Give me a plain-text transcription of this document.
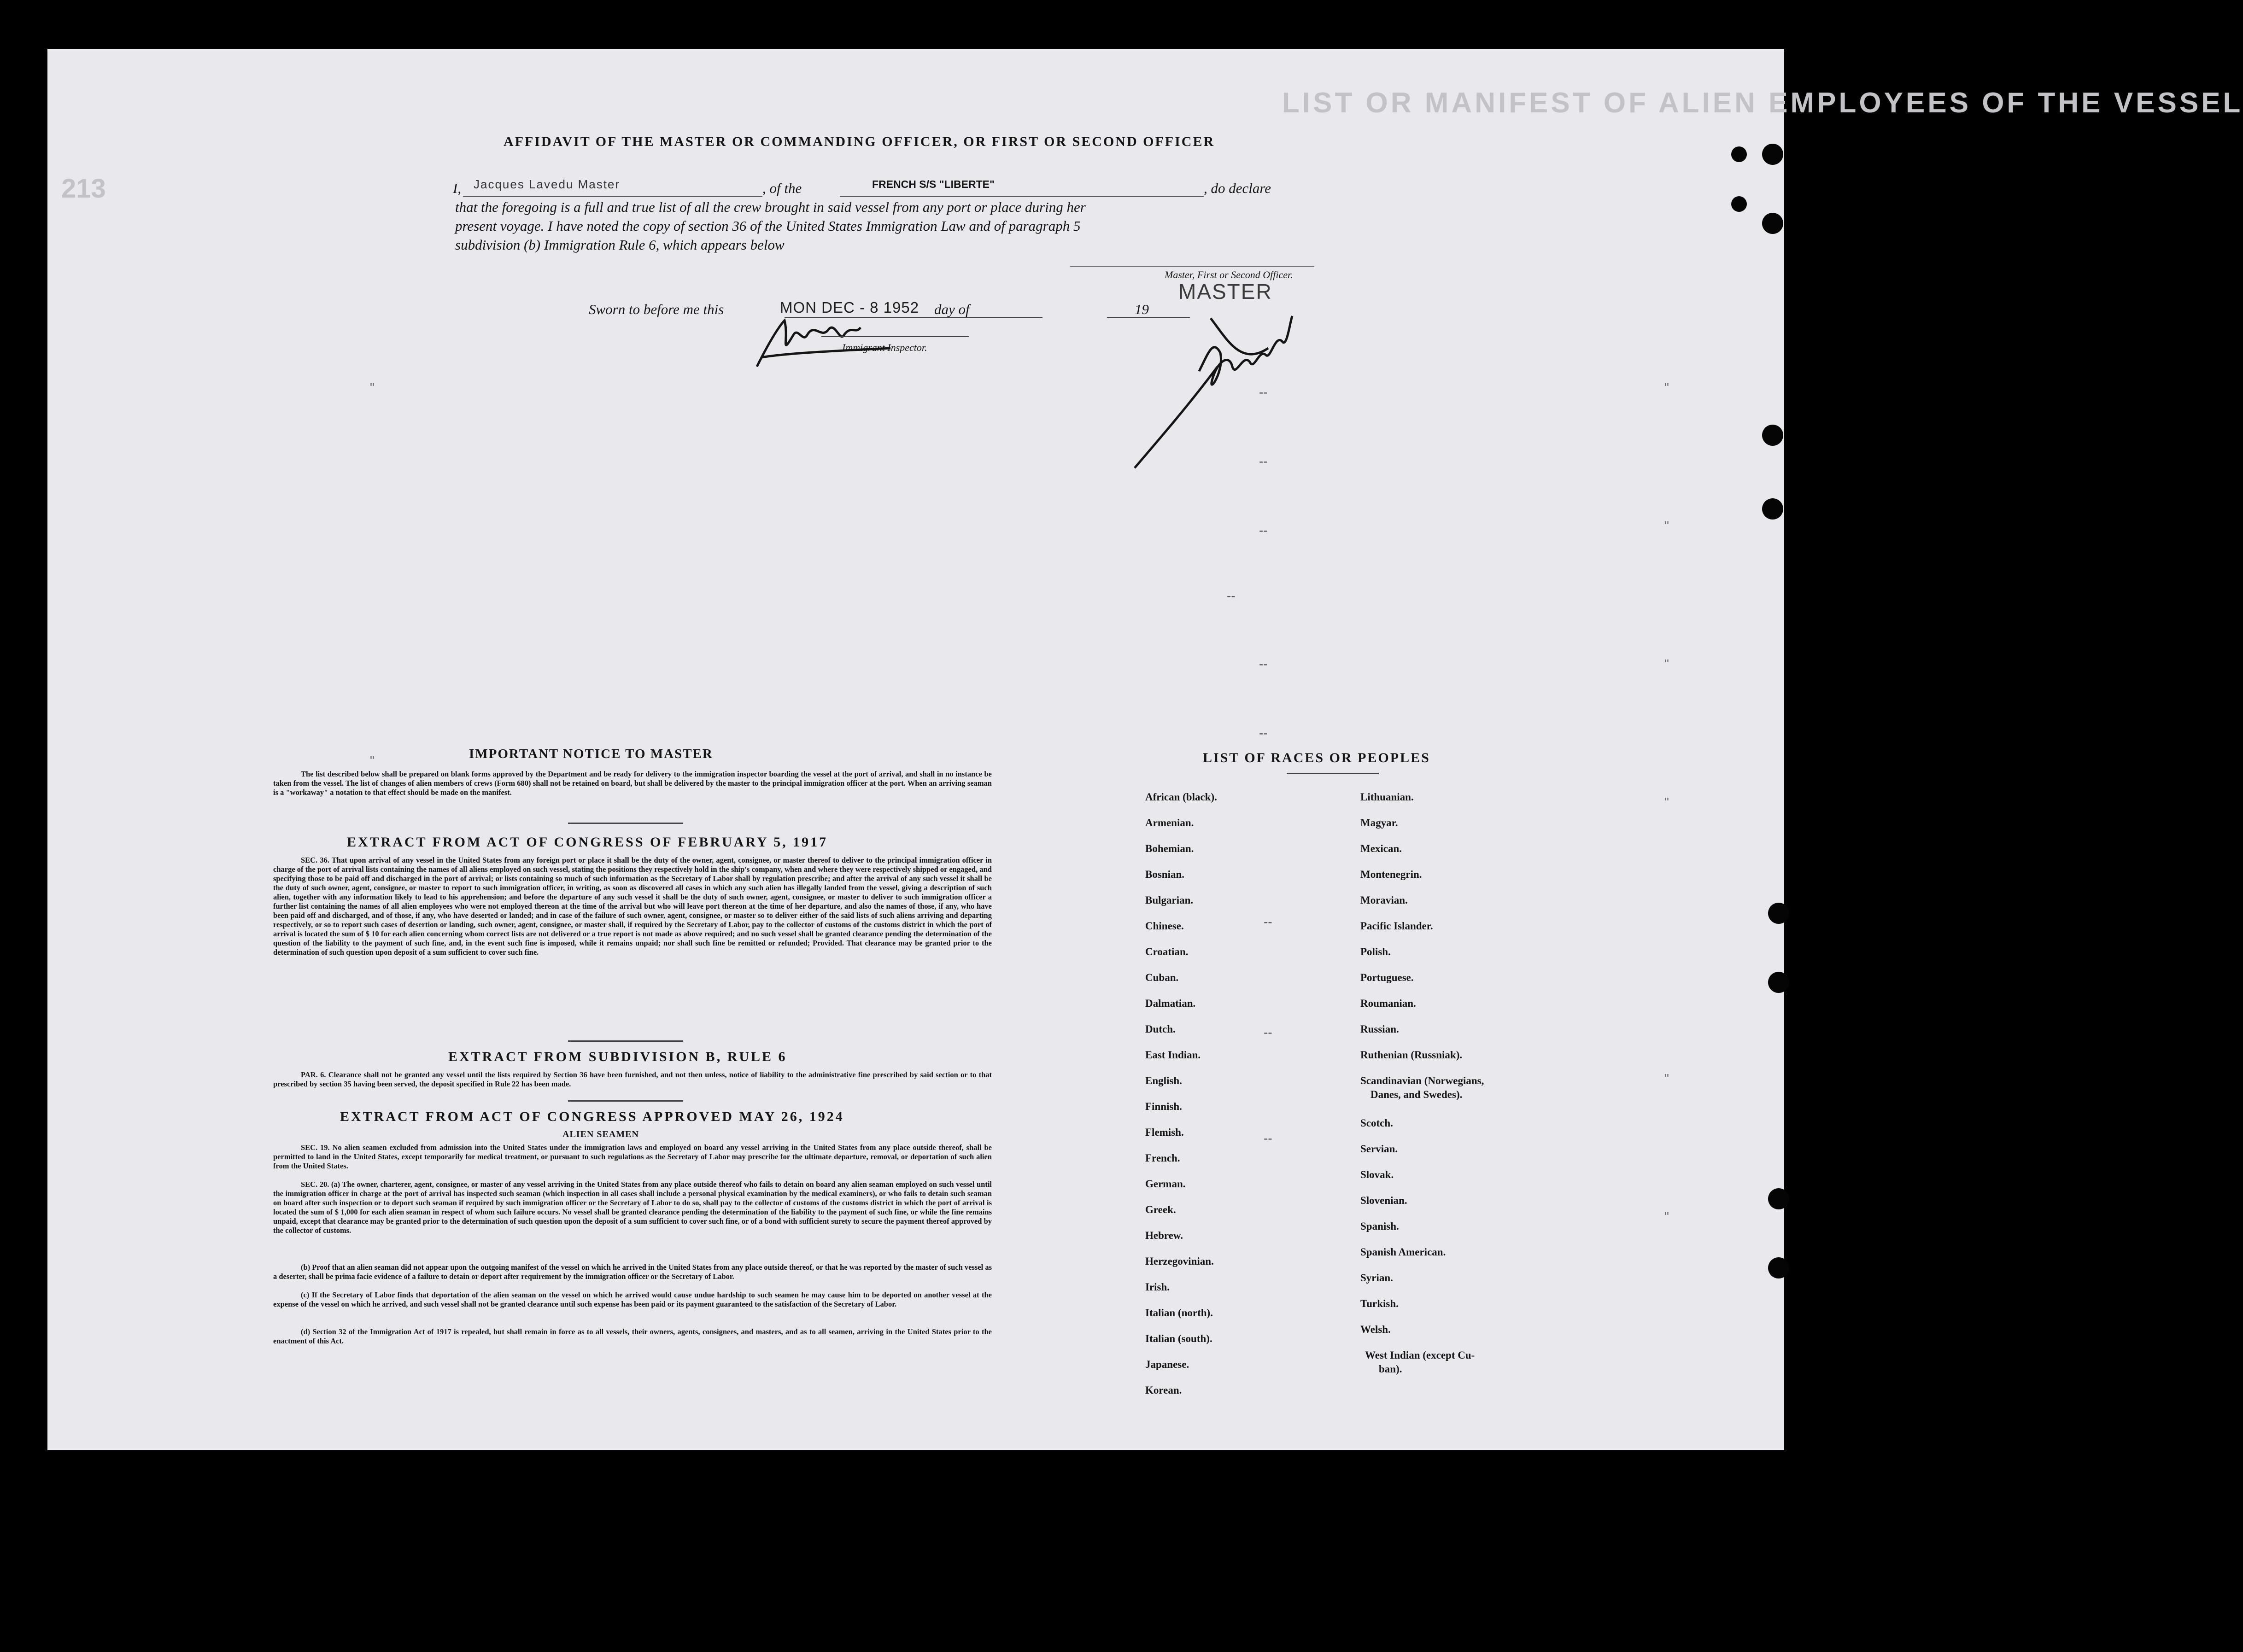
LIST OR MANIFEST OF ALIEN EMPLOYEES OF THE VESSEL
213
AFFIDAVIT OF THE MASTER OR COMMANDING OFFICER, OR FIRST OR SECOND OFFICER
I, Jacques Lavedu Master	, of the	FRENCH S/S "LIBERTE"	, do declare
that the foregoing is a full and true list of all the crew brought in said vessel from any port or place during her
present voyage. I have noted the copy of section 36 of the United States Immigration Law and of paragraph 5
subdivision (b) Immigration Rule 6, which appears below
Master, First or Second Officer.
MASTER
Sworn to before me this	MON DEC - 8 1952 day of	19
Immigrant Inspector.
IMPORTANT NOTICE TO MASTER
The list described below shall be prepared on blank forms approved by the Department and be ready for delivery to the immigration inspector boarding the vessel at the port of arrival, and shall in no instance be taken from the vessel. The list of changes of alien members of crews (Form 680) shall not be retained on board, but shall be delivered by the master to the principal immigration officer at the port. When an arriving seaman is a "workaway" a notation to that effect should be made on the manifest.
EXTRACT FROM ACT OF CONGRESS OF FEBRUARY 5, 1917
SEC. 36. That upon arrival of any vessel in the United States from any foreign port or place it shall be the duty of the owner, agent, consignee, or master thereof to deliver to the principal immigration officer in charge of the port of arrival lists containing the names of all aliens employed on such vessel, stating the positions they respectively hold in the ship's company, when and where they were respectively shipped or engaged, and specifying those to be paid off and discharged in the port of arrival; or lists containing so much of such information as the Secretary of Labor shall by regulation prescribe; and after the arrival of any such vessel it shall be the duty of such owner, agent, consignee, or master to report to such immigration officer, in writing, as soon as discovered all cases in which any such alien has illegally landed from the vessel, giving a description of such alien, together with any information likely to lead to his apprehension; and before the departure of any such vessel it shall be the duty of such owner, agent, consignee, or master to deliver to such immigration officer a further list containing the names of all alien employees who were not employed thereon at the time of the arrival but who will leave port thereon at the time of her departure, and also the names of those, if any, who have been paid off and discharged, and of those, if any, who have deserted or landed; and in case of the failure of such owner, agent, consignee, or master so to deliver either of the said lists of such aliens arriving and departing respectively, or so to report such cases of desertion or landing, such owner, agent, consignee, or master shall, if required by the Secretary of Labor, pay to the collector of customs of the customs district in which the port of arrival is located the sum of $ 10 for each alien concerning whom correct lists are not delivered or a true report is not made as above required; and no such vessel shall be granted clearance pending the determination of the question of the liability to the payment of such fine, and, in the event such fine is imposed, while it remains unpaid; nor shall such fine be remitted or refunded; Provided. That clearance may be granted prior to the determination of such question upon deposit of a sum sufficient to cover such fine.
EXTRACT FROM SUBDIVISION B, RULE 6
PAR. 6. Clearance shall not be granted any vessel until the lists required by Section 36 have been furnished, and not then unless, notice of liability to the administrative fine prescribed by said section or to that prescribed by section 35 having been served, the deposit specified in Rule 22 has been made.
EXTRACT FROM ACT OF CONGRESS APPROVED MAY 26, 1924
ALIEN SEAMEN
SEC. 19. No alien seamen excluded from admission into the United States under the immigration laws and employed on board any vessel arriving in the United States from any place outside thereof, shall be permitted to land in the United States, except temporarily for medical treatment, or pursuant to such regulations as the Secretary of Labor may prescribe for the ultimate departure, removal, or deportation of such alien from the United States.
SEC. 20. (a) The owner, charterer, agent, consignee, or master of any vessel arriving in the United States from any place outside thereof who fails to detain on board any alien seaman employed on such vessel until the immigration officer in charge at the port of arrival has inspected such seaman (which inspection in all cases shall include a personal physical examination by the medical examiners), or who fails to detain such seaman on board after such inspection or to deport such seaman if required by such immigration officer or the Secretary of Labor to do so, shall pay to the collector of customs of the customs district in which the port of arrival is located the sum of $ 1,000 for each alien seaman in respect of whom such failure occurs. No vessel shall be granted clearance pending the determination of the liability to the payment of such fine, or while the fine remains unpaid, except that clearance may be granted prior to the determination of such question upon the deposit of a sum sufficient to cover such fine, or of a bond with sufficient surety to secure the payment thereof approved by the collector of customs.
(b) Proof that an alien seaman did not appear upon the outgoing manifest of the vessel on which he arrived in the United States from any place outside thereof, or that he was reported by the master of such vessel as a deserter, shall be prima facie evidence of a failure to detain or deport after requirement by the immigration officer or the Secretary of Labor.
(c) If the Secretary of Labor finds that deportation of the alien seaman on the vessel on which he arrived would cause undue hardship to such seamen he may cause him to be deported on another vessel at the expense of the vessel on which he arrived, and such vessel shall not be granted clearance until such expense has been paid or its payment guaranteed to the satisfaction of the Secretary of Labor.
(d) Section 32 of the Immigration Act of 1917 is repealed, but shall remain in force as to all vessels, their owners, agents, consignees, and masters, and as to all seamen, arriving in the United States prior to the enactment of this Act.
LIST OF RACES OR PEOPLES
African (black).
Armenian.
Bohemian.
Bosnian.
Bulgarian.
Chinese.
Croatian.
Cuban.
Dalmatian.
Dutch.
East Indian.
English.
Finnish.
Flemish.
French.
German.
Greek.
Hebrew.
Herzegovinian.
Irish.
Italian (north).
Italian (south).
Japanese.
Korean.
Lithuanian.
Magyar.
Mexican.
Montenegrin.
Moravian.
Pacific Islander.
Polish.
Portuguese.
Roumanian.
Russian.
Ruthenian (Russniak).
Scandinavian (Norwegians,
Danes, and Swedes).
Scotch.
Servian.
Slovak.
Slovenian.
Spanish.
Spanish American.
Syrian.
Turkish.
Welsh.
West Indian (except Cu-
ban).
"
"
"
"
"
"
"
"
--
--
--
--
--
--
--
--
--
